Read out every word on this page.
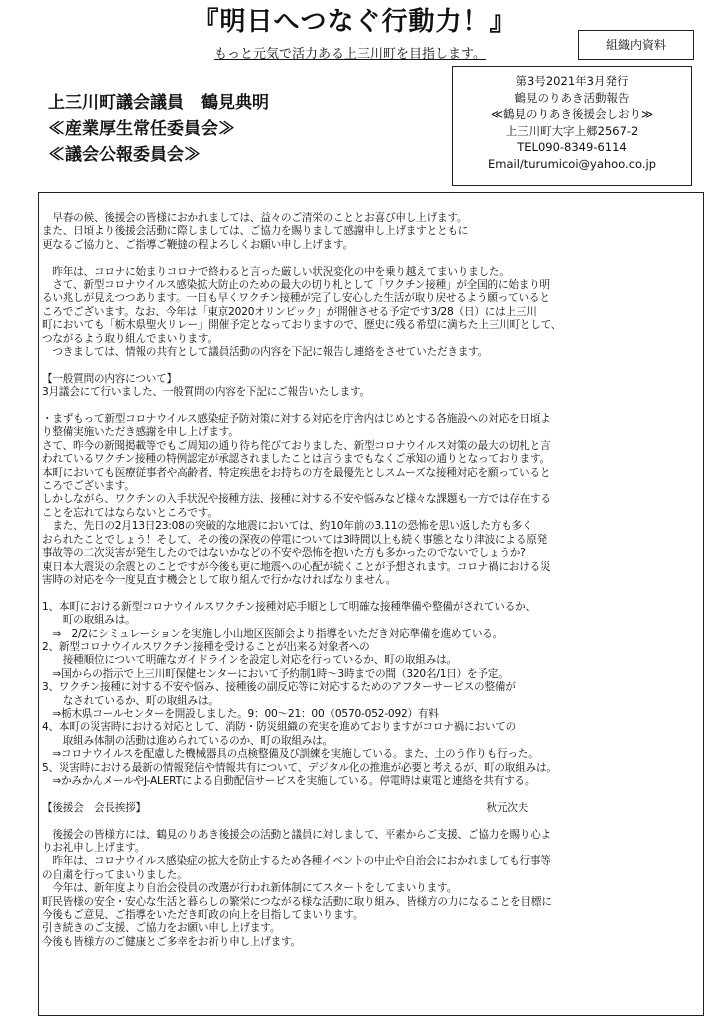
『明日へつなぐ行動力！』
もっと元気で活力ある上三川町を目指します。
組織内資料
上三川町議会議員　鶴見典明
≪産業厚生常任委員会≫
≪議会公報委員会≫
第3号2021年3月発行
鶴見のりあき活動報告
≪鶴見のりあき後援会しおり≫
上三川町大字上郷2567-2
TEL090-8349-6114
Email/turumicoi@yahoo.co.jp
　早春の候、後援会の皆様におかれましては、益々のご清栄のこととお喜び申し上げます。
また、日頃より後援会活動に際しましては、ご協力を賜りまして感謝申し上げますとともに
更なるご協力と、ご指導ご鞭撻の程よろしくお願い申し上げます。
　昨年は、コロナに始まりコロナで終わると言った厳しい状況変化の中を乗り越えてまいりました。
　さて、新型コロナウイルス感染拡大防止のための最大の切り札として「ワクチン接種」が全国的に始まり明
るい兆しが見えつつあります。一日も早くワクチン接種が完了し安心した生活が取り戻せるよう願っていると
ころでございます。なお、今年は「東京2020オリンピック」が開催させる予定です3/28（日）には上三川
町においても「栃木県聖火リレー」開催予定となっておりますので、歴史に残る希望に満ちた上三川町として、
つながるよう取り組んでまいります。
　つきましては、情報の共有として議員活動の内容を下記に報告し連絡をさせていただきます。
【一般質問の内容について】
3月議会にて行いました、一般質問の内容を下記にご報告いたします。
・まずもって新型コロナウイルス感染症予防対策に対する対応を庁舎内はじめとする各施設への対応を日頃よ
り整備実施いただき感謝を申し上げます。
さて、昨今の新聞掲載等でもご周知の通り待ち侘びておりました、新型コロナウイルス対策の最大の切札と言
われているワクチン接種の特例認定が承認されましたことは言うまでもなくご承知の通りとなっております。
本町においても医療従事者や高齢者、特定疾患をお持ちの方を最優先としスムーズな接種対応を願っていると
ころでございます。
しかしながら、ワクチンの入手状況や接種方法、接種に対する不安や悩みなど様々な課題も一方では存在する
ことを忘れてはならないところです。
　また、先日の2月13日23:08の突破的な地震においては、約10年前の3.11の恐怖を思い返した方も多く
おられたことでしょう！そして、その後の深夜の停電については3時間以上も続く事態となり津波による原発
事故等の二次災害が発生したのではないかなどの不安や恐怖を抱いた方も多かったのでないでしょうか?
東日本大震災の余震とのことですが今後も更に地震への心配が続くことが予想されます。コロナ禍における災
害時の対応を今一度見直す機会として取り組んで行かなければなりません。
1、本町における新型コロナウイルスワクチン接種対応手順として明確な接種準備や整備がされているか、
　　町の取組みは。
　⇒　2/2にシミュレーションを実施し小山地区医師会より指導をいただき対応準備を進めている。
2、新型コロナウイルスワクチン接種を受けることが出来る対象者への
　　接種順位について明確なガイドラインを設定し対応を行っているか、町の取組みは。
　⇒国からの指示で上三川町保健センターにおいて予約制1時～3時までの間（320名/1日）を予定。
3、ワクチン接種に対する不安や悩み、接種後の副反応等に対応するためのアフターサービスの整備が
　　なされているか、町の取組みは。
　⇒栃木県コールセンターを開設しました。9：00～21：00（0570-052-092）有料
4、本町の災害時における対応として、消防・防災組織の充実を進めておりますがコロナ禍においての
　　取組み体制の活動は進められているのか、町の取組みは。
　⇒コロナウイルスを配慮した機械器具の点検整備及び訓練を実施している。また、土のう作りも行った。
5、災害時における最新の情報発信や情報共有について、デジタル化の推進が必要と考えるが、町の取組みは。
　⇒かみかんメールやJ-ALERTによる自動配信サービスを実施している。停電時は東電と連絡を共有する。
【後援会　会長挨拶】	秋元次夫
　後援会の皆様方には、鶴見のりあき後援会の活動と議員に対しまして、平素からご支援、ご協力を賜り心よ
りお礼申し上げます。
　昨年は、コロナウイルス感染症の拡大を防止するため各種イベントの中止や自治会におかれましても行事等
の自粛を行ってまいりました。
　今年は、新年度より自治会役員の改選が行われ新体制にてスタートをしてまいります。
町民皆様の安全・安心な生活と暮らしの繁栄につながる様な活動に取り組み、皆様方の力になることを目標に
今後もご意見、ご指導をいただき町政の向上を目指してまいります。
引き続きのご支援、ご協力をお願い申し上げます。
今後も皆様方のご健康とご多幸をお祈り申し上げます。
